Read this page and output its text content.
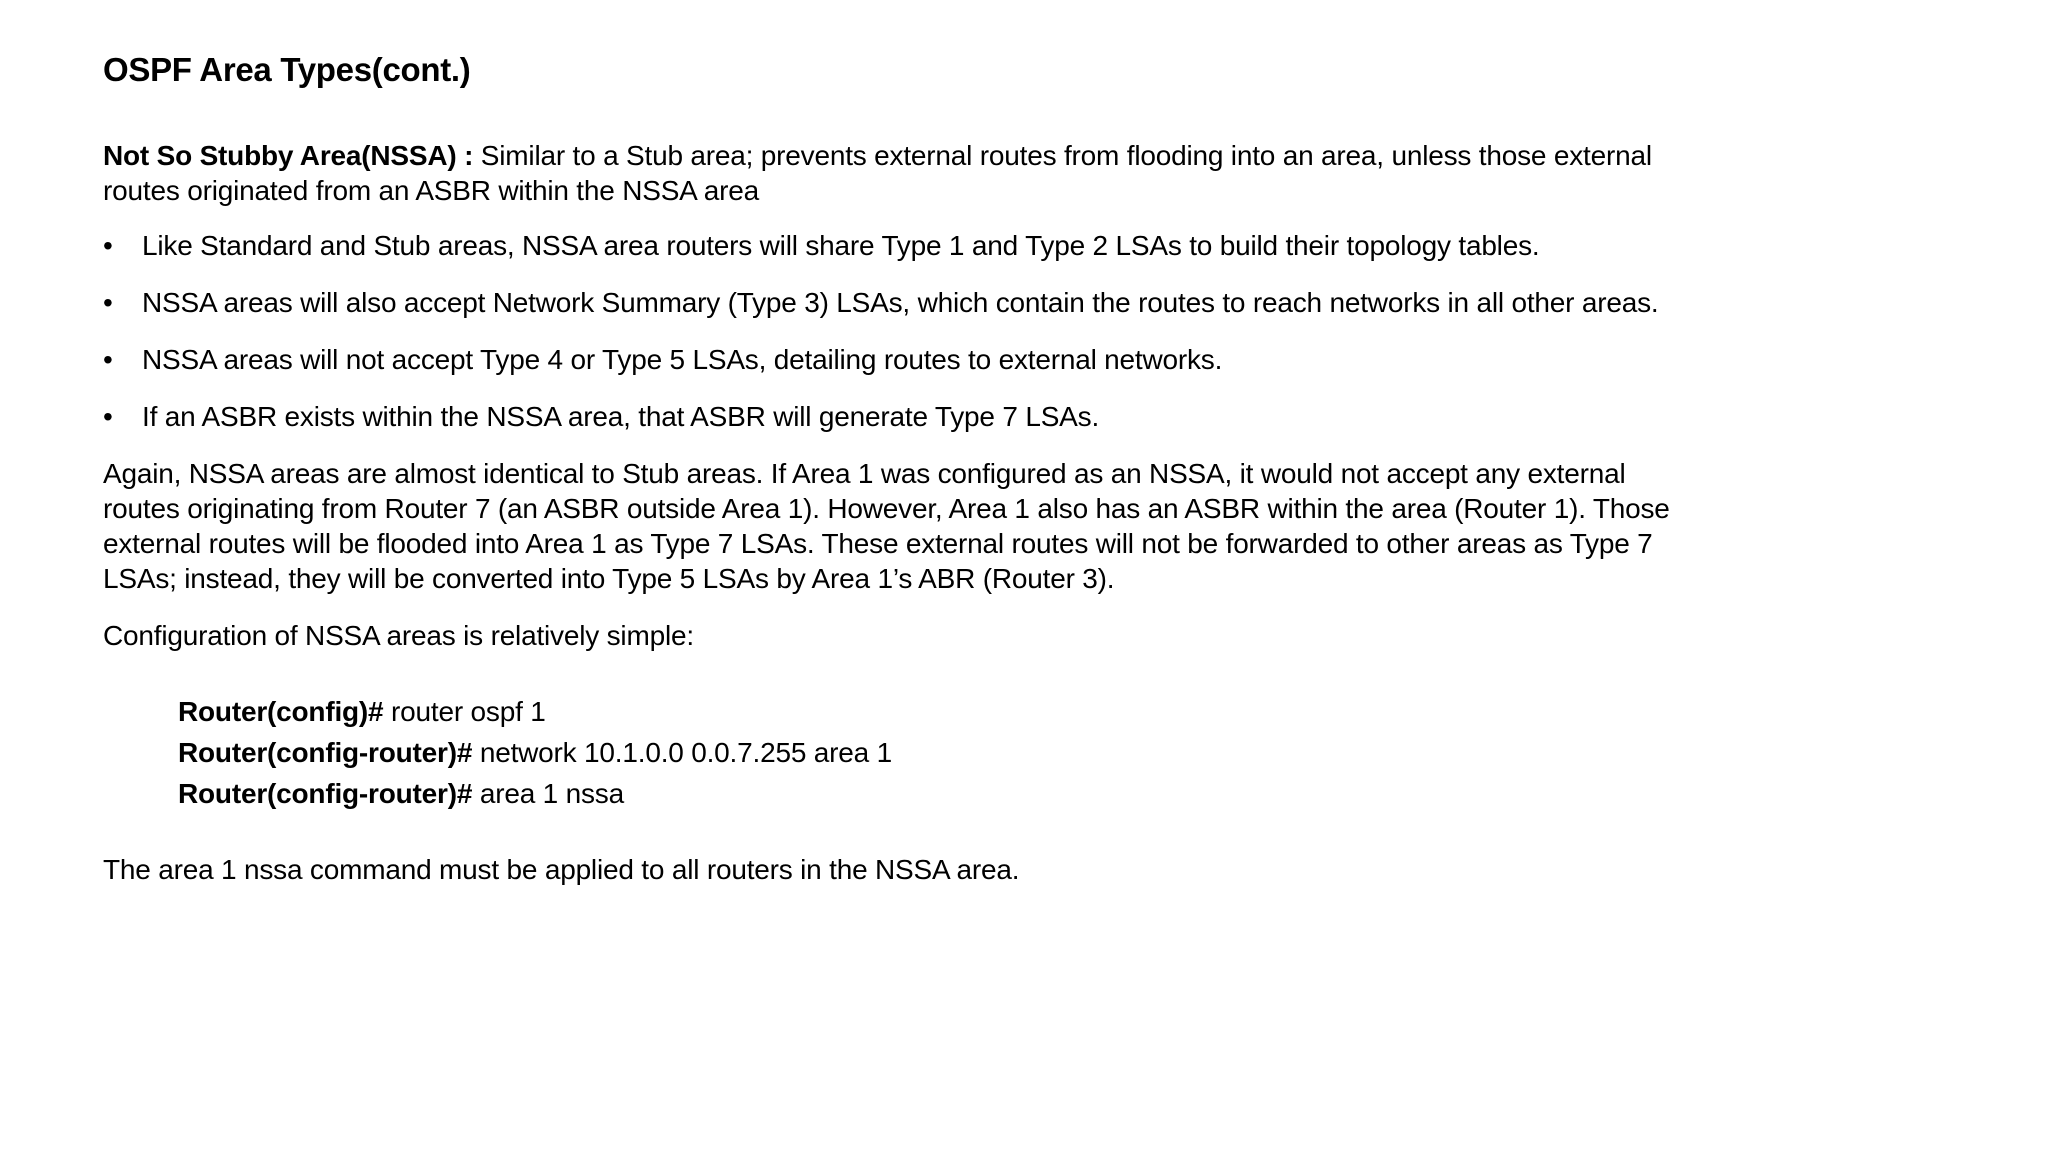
OSPF Area Types(cont.)
Not So Stubby Area(NSSA) : Similar to a Stub area; prevents external routes from flooding into an area, unless those external routes originated from an ASBR within the NSSA area
•	Like Standard and Stub areas, NSSA area routers will share Type 1 and Type 2 LSAs to build their topology tables.
•	NSSA areas will also accept Network Summary (Type 3) LSAs, which contain the routes to reach networks in all other areas.
•	NSSA areas will not accept Type 4 or Type 5 LSAs, detailing routes to external networks.
•	If an ASBR exists within the NSSA area, that ASBR will generate Type 7 LSAs.

Again, NSSA areas are almost identical to Stub areas. If Area 1 was configured as an NSSA, it would not accept any external routes originating from Router 7 (an ASBR outside Area 1). However, Area 1 also has an ASBR within the area (Router 1). Those external routes will be flooded into Area 1 as Type 7 LSAs. These external routes will not be forwarded to other areas as Type 7 LSAs; instead, they will be converted into Type 5 LSAs by Area 1’s ABR (Router 3).

Configuration of NSSA areas is relatively simple:

Router(config)# router ospf 1
Router(config-router)# network 10.1.0.0 0.0.7.255 area 1
Router(config-router)# area 1 nssa

The area 1 nssa command must be applied to all routers in the NSSA area.
